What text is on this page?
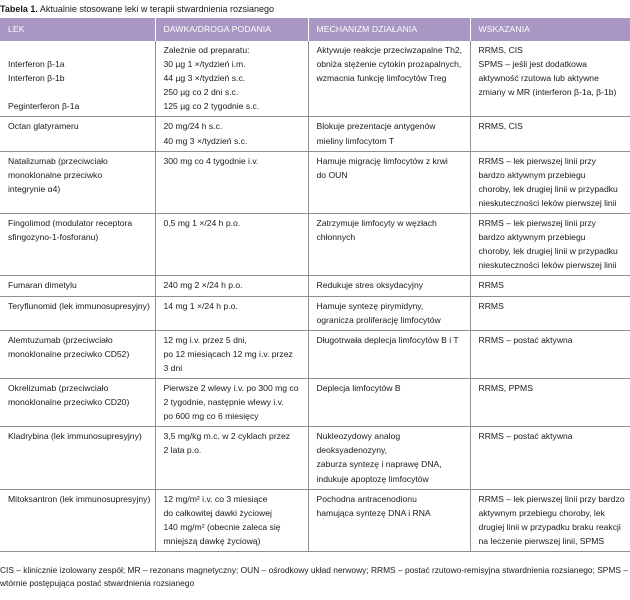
Tabela 1. Aktualnie stosowane leki w terapii stwardnienia rozsianego
LEK	DAWKA/DROGA PODANIA	MECHANIZM DZIAŁANIA	WSKAZANIA

Interferon β-1a
Interferon β-1b
Peginterferon β-1a	Zależnie od preparatu:
30 µg 1 ×/tydzień i.m.
44 µg 3 ×/tydzień s.c.
250 µg co 2 dni s.c.
125 µg co 2 tygodnie s.c.	Aktywuje reakcje przeciwzapalne Th2,
obniża stężenie cytokin prozapalnych,
wzmacnia funkcję limfocytów Treg	RRMS, CIS
SPMS – jeśli jest dodatkowa
aktywność rzutowa lub aktywne
zmiany w MR (interferon β-1a, β-1b)

Octan glatyrameru	20 mg/24 h s.c.
40 mg 3 ×/tydzień s.c.	Blokuje prezentacje antygenów
mieliny limfocytom T	RRMS, CIS

Natalizumab (przeciwciało
monoklonalne przeciwko
integrynie α4)	300 mg co 4 tygodnie i.v.	Hamuje migrację limfocytów z krwi
do OUN	RRMS – lek pierwszej linii przy
bardzo aktywnym przebiegu
choroby, lek drugiej linii w przypadku
nieskuteczności leków pierwszej linii

Fingolimod (modulator receptora
sfingozyno-1-fosforanu)	0,5 mg 1 ×/24 h p.o.	Zatrzymuje limfocyty w węzłach
chłonnych	RRMS – lek pierwszej linii przy
bardzo aktywnym przebiegu
choroby, lek drugiej linii w przypadku
nieskuteczności leków pierwszej linii

Fumaran dimetylu	240 mg 2 ×/24 h p.o.	Redukuje stres oksydacyjny	RRMS

Teryflunomid (lek immunosupresyjny)	14 mg 1 ×/24 h p.o.	Hamuje syntezę pirymidyny,
ogranicza proliferację limfocytów	RRMS

Alemtuzumab (przeciwciało
monoklonalne przeciwko CD52)	12 mg i.v. przez 5 dni,
po 12 miesiącach 12 mg i.v. przez
3 dni	Długotrwała deplecja limfocytów B i T	RRMS – postać aktywna

Okrelizumab (przeciwciało
monoklonalne przeciwko CD20)	Pierwsze 2 wlewy i.v. po 300 mg co
2 tygodnie, następnie wlewy i.v.
po 600 mg co 6 miesięcy	Deplecja limfocytów B	RRMS, PPMS

Kladrybina (lek immunosupresyjny)	3,5 mg/kg m.c. w 2 cyklach przez
2 lata p.o.	Nukleozydowy analog
deoksyadenozyny,
zaburza syntezę i naprawę DNA,
indukuje apoptozę limfocytów	RRMS – postać aktywna

Mitoksantron (lek immunosupresyjny)	12 mg/m² i.v. co 3 miesiące
do całkowitej dawki życiowej
140 mg/m² (obecnie zaleca się
mniejszą dawkę życiową)	Pochodna antracenodionu
hamująca syntezę DNA i RNA	RRMS – lek pierwszej linii przy bardzo
aktywnym przebiegu choroby, lek
drugiej linii w przypadku braku reakcji
na leczenie pierwszej linii, SPMS
CIS – klinicznie izolowany zespół; MR – rezonans magnetyczny; OUN – ośrodkowy układ nerwowy; RRMS – postać rzutowo-remisyjna stwardnienia rozsianego; SPMS – wtórnie postępująca postać stwardnienia rozsianego
